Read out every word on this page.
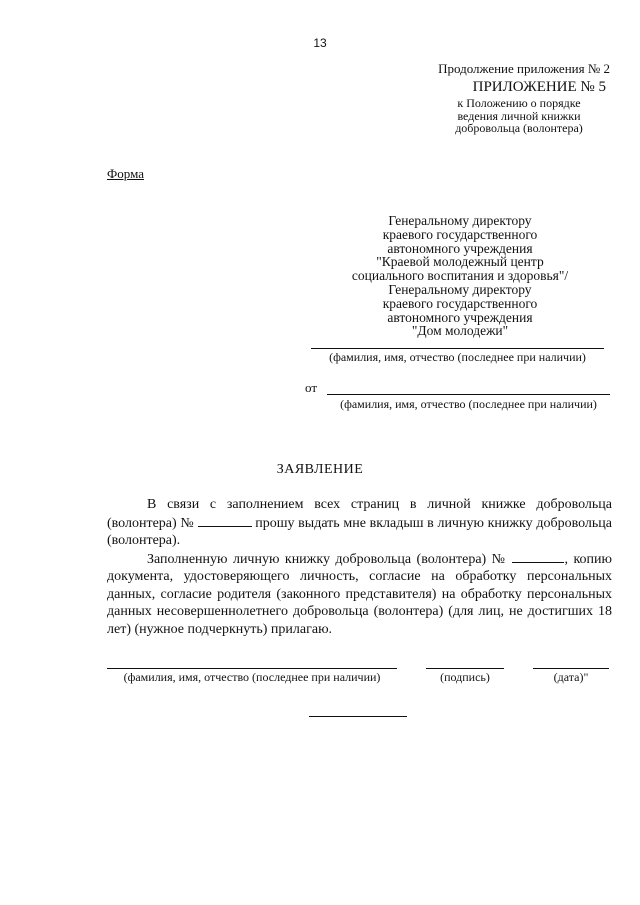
13
Продолжение приложения № 2
ПРИЛОЖЕНИЕ № 5
к Положению о порядке
ведения личной книжки
добровольца (волонтера)
Форма
Генеральному директору
краевого государственного
автономного учреждения
"Краевой молодежный центр
социального воспитания и здоровья"/
Генеральному директору
краевого государственного
автономного учреждения
"Дом молодежи"
(фамилия, имя, отчество (последнее при наличии)
от
(фамилия, имя, отчество (последнее при наличии)
ЗАЯВЛЕНИЕ

В связи с заполнением всех страниц в личной книжке добровольца (волонтера) №	прошу выдать мне вкладыш в личную книжку добровольца (волонтера).

Заполненную личную книжку добровольца (волонтера) №	, копию документа, удостоверяющего личность, согласие на обработку персональных данных, согласие родителя (законного представителя) на обработку персональных данных несовершеннолетнего добровольца (волонтера) (для лиц, не достигших 18 лет) (нужное подчеркнуть) прилагаю.

(фамилия, имя, отчество (последнее при наличии)	(подпись)	(дата)"
